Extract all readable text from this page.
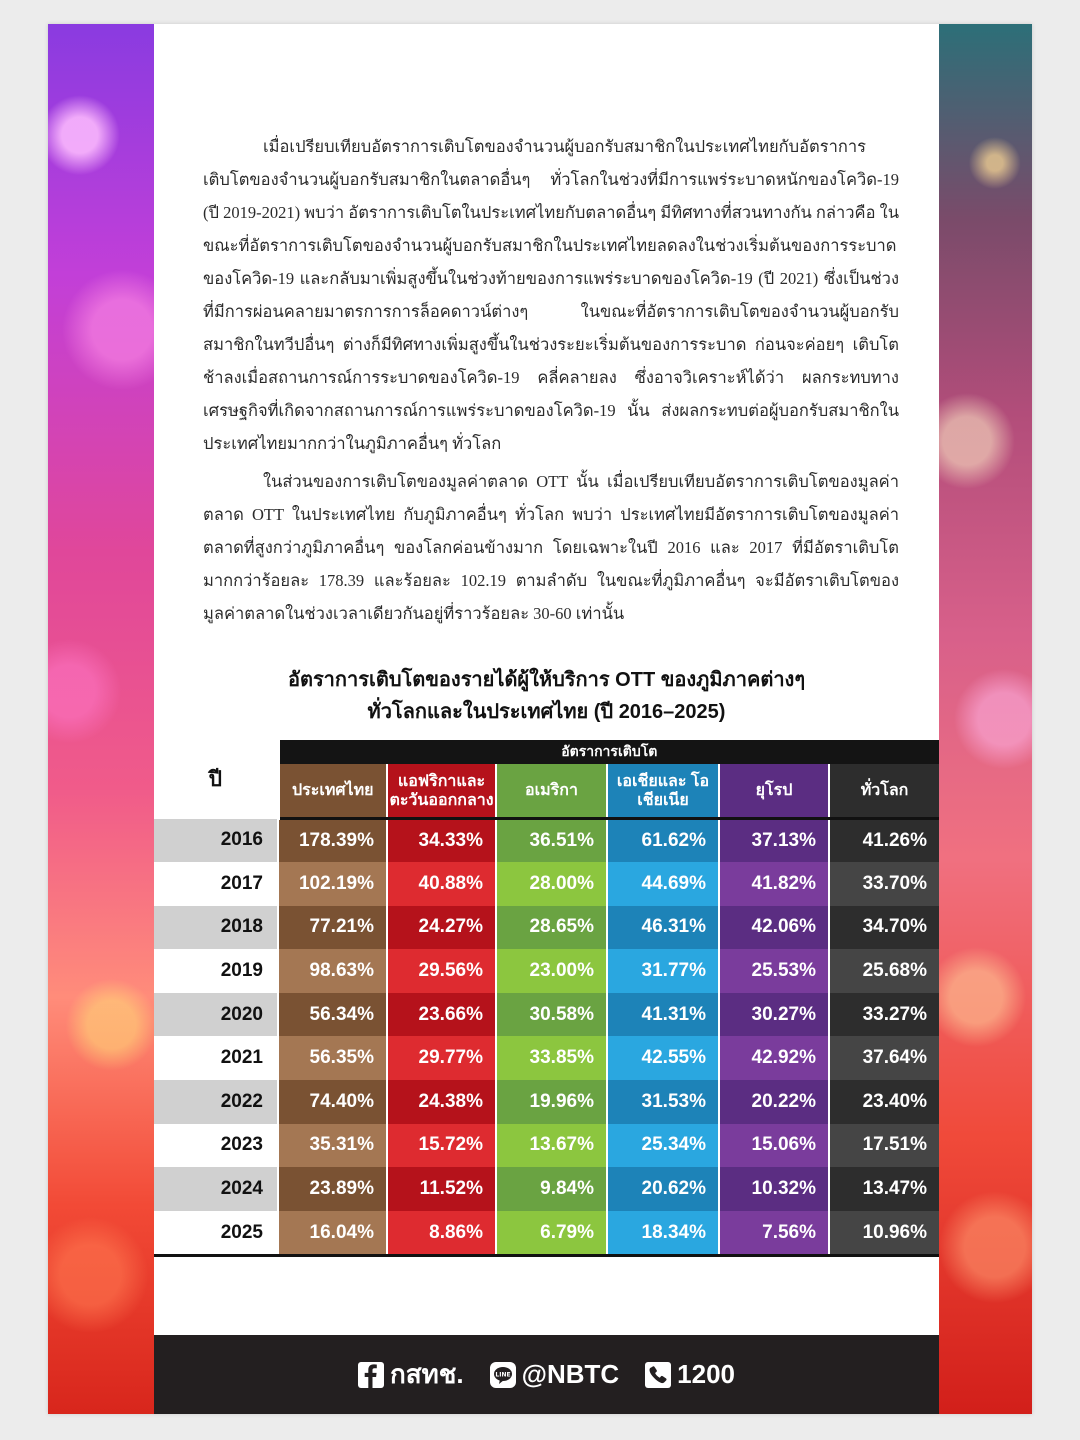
เมื่อเปรียบเทียบอัตราการเติบโตของจำนวนผู้บอกรับสมาชิกในประเทศไทยกับอัตราการเติบโตของจำนวนผู้บอกรับสมาชิกในตลาดอื่นๆ ทั่วโลกในช่วงที่มีการแพร่ระบาดหนักของโควิด-19 (ปี 2019-2021) พบว่า อัตราการเติบโตในประเทศไทยกับตลาดอื่นๆ มีทิศทางที่สวนทางกัน กล่าวคือ ในขณะที่อัตราการเติบโตของจำนวนผู้บอกรับสมาชิกในประเทศไทยลดลงในช่วงเริ่มต้นของการระบาดของโควิด-19 และกลับมาเพิ่มสูงขึ้นในช่วงท้ายของการแพร่ระบาดของโควิด-19 (ปี 2021) ซึ่งเป็นช่วงที่มีการผ่อนคลายมาตรการการล็อคดาวน์ต่างๆ ในขณะที่อัตราการเติบโตของจำนวนผู้บอกรับสมาชิกในทวีปอื่นๆ ต่างก็มีทิศทางเพิ่มสูงขึ้นในช่วงระยะเริ่มต้นของการระบาด ก่อนจะค่อยๆ เติบโตช้าลงเมื่อสถานการณ์การระบาดของโควิด-19 คลี่คลายลง ซึ่งอาจวิเคราะห์ได้ว่า ผลกระทบทางเศรษฐกิจที่เกิดจากสถานการณ์การแพร่ระบาดของโควิด-19 นั้น ส่งผลกระทบต่อผู้บอกรับสมาชิกในประเทศไทยมากกว่าในภูมิภาคอื่นๆ ทั่วโลก

ในส่วนของการเติบโตของมูลค่าตลาด OTT นั้น เมื่อเปรียบเทียบอัตราการเติบโตของมูลค่าตลาด OTT ในประเทศไทย กับภูมิภาคอื่นๆ ทั่วโลก พบว่า ประเทศไทยมีอัตราการเติบโตของมูลค่าตลาดที่สูงกว่าภูมิภาคอื่นๆ ของโลกค่อนข้างมาก โดยเฉพาะในปี 2016 และ 2017 ที่มีอัตราเติบโตมากกว่าร้อยละ 178.39 และร้อยละ 102.19 ตามลำดับ ในขณะที่ภูมิภาคอื่นๆ จะมีอัตราเติบโตของมูลค่าตลาดในช่วงเวลาเดียวกันอยู่ที่ราวร้อยละ 30-60 เท่านั้น

อัตราการเติบโตของรายได้ผู้ให้บริการ OTT ของภูมิภาคต่างๆ
ทั่วโลกและในประเทศไทย (ปี 2016–2025)
ปี	อัตราการเติบโต					
	ประเทศไทย	แอฟริกาและ ตะวันออกกลาง	อเมริกา	เอเชียและ โอเชียเนีย	ยุโรป	ทั่วโลก
2016	178.39%	34.33%	36.51%	61.62%	37.13%	41.26%
2017	102.19%	40.88%	28.00%	44.69%	41.82%	33.70%
2018	77.21%	24.27%	28.65%	46.31%	42.06%	34.70%
2019	98.63%	29.56%	23.00%	31.77%	25.53%	25.68%
2020	56.34%	23.66%	30.58%	41.31%	30.27%	33.27%
2021	56.35%	29.77%	33.85%	42.55%	42.92%	37.64%
2022	74.40%	24.38%	19.96%	31.53%	20.22%	23.40%
2023	35.31%	15.72%	13.67%	25.34%	15.06%	17.51%
2024	23.89%	11.52%	9.84%	20.62%	10.32%	13.47%
2025	16.04%	8.86%	6.79%	18.34%	7.56%	10.96%
กสทช.	LINE @NBTC 1200
